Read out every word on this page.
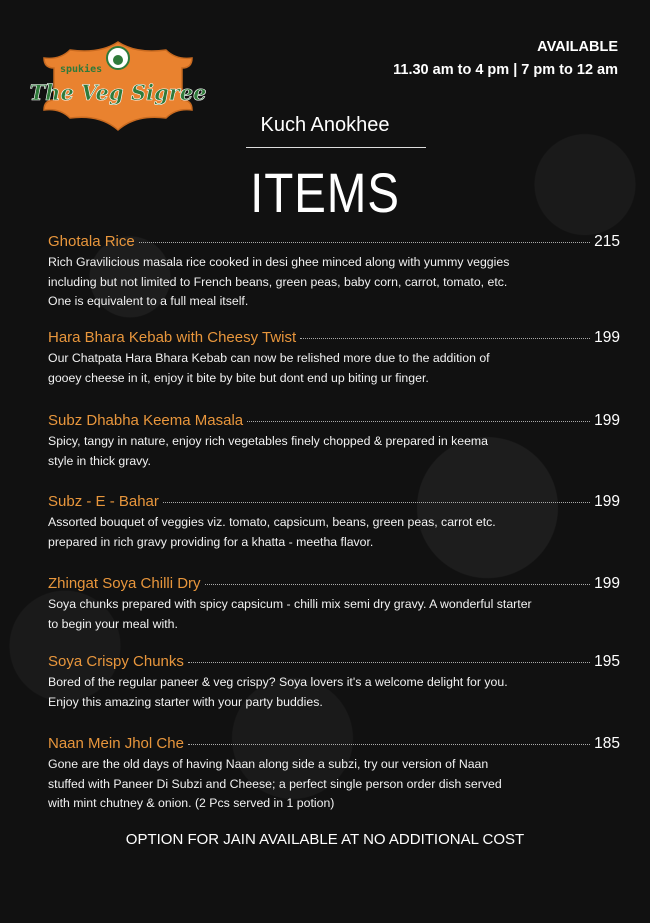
spukies
The Veg Sigree
AVAILABLE
11.30 am to 4 pm | 7 pm to 12 am
Kuch Anokhee
ITEMS
Ghotala Rice	215
Rich Gravilicious masala rice cooked in desi ghee minced along with yummy veggies
including but not limited to French beans, green peas, baby corn, carrot, tomato, etc.
One is equivalent to a full meal itself.
Hara Bhara Kebab with Cheesy Twist	199
Our Chatpata Hara Bhara Kebab can now be relished more due to the addition of
gooey cheese in it, enjoy it bite by bite but dont end up biting ur finger.
Subz Dhabha Keema Masala	199
Spicy, tangy in nature, enjoy rich vegetables finely chopped & prepared in keema
style in thick gravy.
Subz - E - Bahar	199
Assorted bouquet of veggies viz. tomato, capsicum, beans, green peas, carrot etc.
prepared in rich gravy providing for a khatta - meetha flavor.
Zhingat Soya Chilli Dry	199
Soya chunks prepared with spicy capsicum - chilli mix semi dry gravy. A wonderful starter
to begin your meal with.
Soya Crispy Chunks	195
Bored of the regular paneer & veg crispy? Soya lovers it's a welcome delight for you.
Enjoy this amazing starter with your party buddies.
Naan Mein Jhol Che	185
Gone are the old days of having Naan along side a subzi, try our version of Naan
stuffed with Paneer Di Subzi and Cheese; a perfect single person order dish served
with mint chutney & onion. (2 Pcs served in 1 potion)
OPTION FOR JAIN AVAILABLE AT NO ADDITIONAL COST
